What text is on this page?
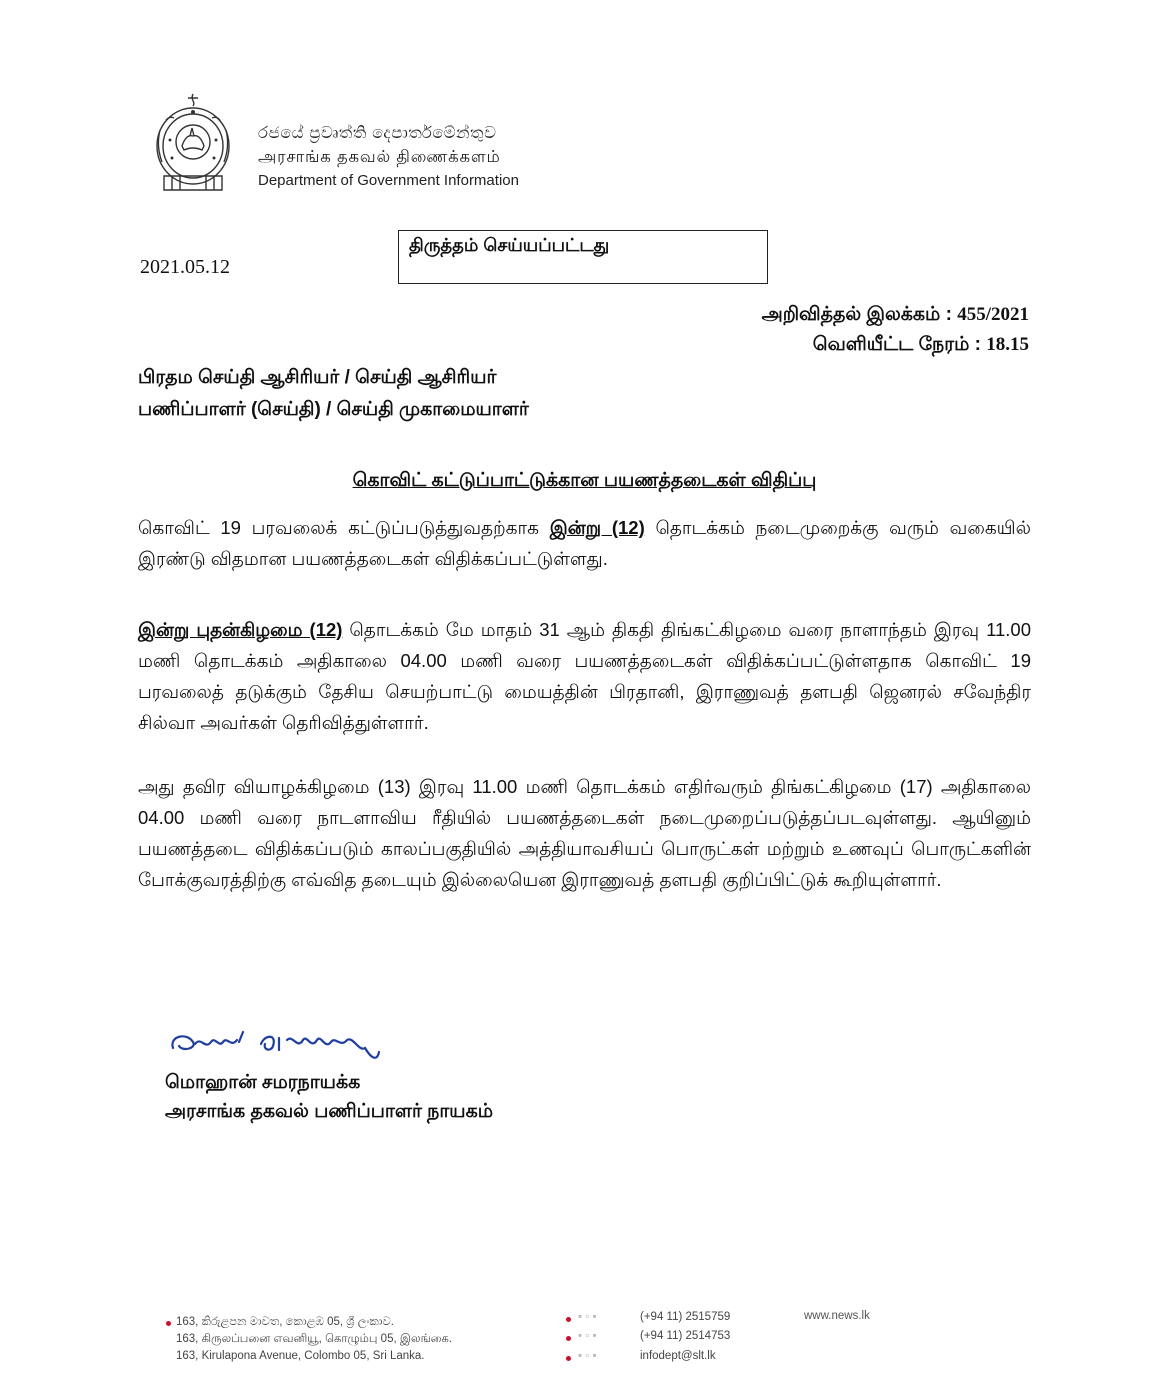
රජයේ ප්‍රවෘත්ති දෙපාර්තමේන්තුව
அரசாங்க தகவல் திணைக்களம்
Department of Government Information
2021.05.12
திருத்தம் செய்யப்பட்டது
அறிவித்தல் இலக்கம் : 455/2021
வெளியீட்ட நேரம் : 18.15
பிரதம செய்தி ஆசிரியர் / செய்தி ஆசிரியர்
பணிப்பாளர் (செய்தி) / செய்தி முகாமையாளர்
கொவிட் கட்டுப்பாட்டுக்கான பயணத்தடைகள் விதிப்பு
கொவிட் 19 பரவலைக் கட்டுப்படுத்துவதற்காக இன்று (12) தொடக்கம் நடைமுறைக்கு வரும் வகையில் இரண்டு விதமான பயணத்தடைகள் விதிக்கப்பட்டுள்ளது.
இன்று புதன்கிழமை (12) தொடக்கம் மே மாதம் 31 ஆம் திகதி திங்கட்கிழமை வரை நாளாந்தம் இரவு 11.00 மணி தொடக்கம் அதிகாலை 04.00 மணி வரை பயணத்தடைகள் விதிக்கப்பட்டுள்ளதாக கொவிட் 19 பரவலைத் தடுக்கும் தேசிய செயற்பாட்டு மையத்தின் பிரதானி, இராணுவத் தளபதி ஜெனரல் சவேந்திர சில்வா அவர்கள் தெரிவித்துள்ளார்.
அது தவிர வியாழக்கிழமை (13) இரவு 11.00 மணி தொடக்கம் எதிர்வரும் திங்கட்கிழமை (17) அதிகாலை 04.00 மணி வரை நாடளாவிய ரீதியில் பயணத்தடைகள் நடைமுறைப்படுத்தப்படவுள்ளது. ஆயினும் பயணத்தடை விதிக்கப்படும் காலப்பகுதியில் அத்தியாவசியப் பொருட்கள் மற்றும் உணவுப் பொருட்களின் போக்குவரத்திற்கு எவ்வித தடையும் இல்லையென இராணுவத் தளபதி குறிப்பிட்டுக் கூறியுள்ளார்.
மொஹான் சமரநாயக்க
அரசாங்க தகவல் பணிப்பாளர் நாயகம்
163, කිරුළපන මාවත, කොළඹ 05, ශ්‍රී ලංකාව.
163, கிருலப்பனை எவனியூ, கொழும்பு 05, இலங்கை.
163, Kirulapona Avenue, Colombo 05, Sri Lanka.
▪ ▫ ▪	(+94 11) 2515759
▪ ▫ ▪	(+94 11) 2514753
▪ ▫ ▪	infodept@slt.lk
www.news.lk
